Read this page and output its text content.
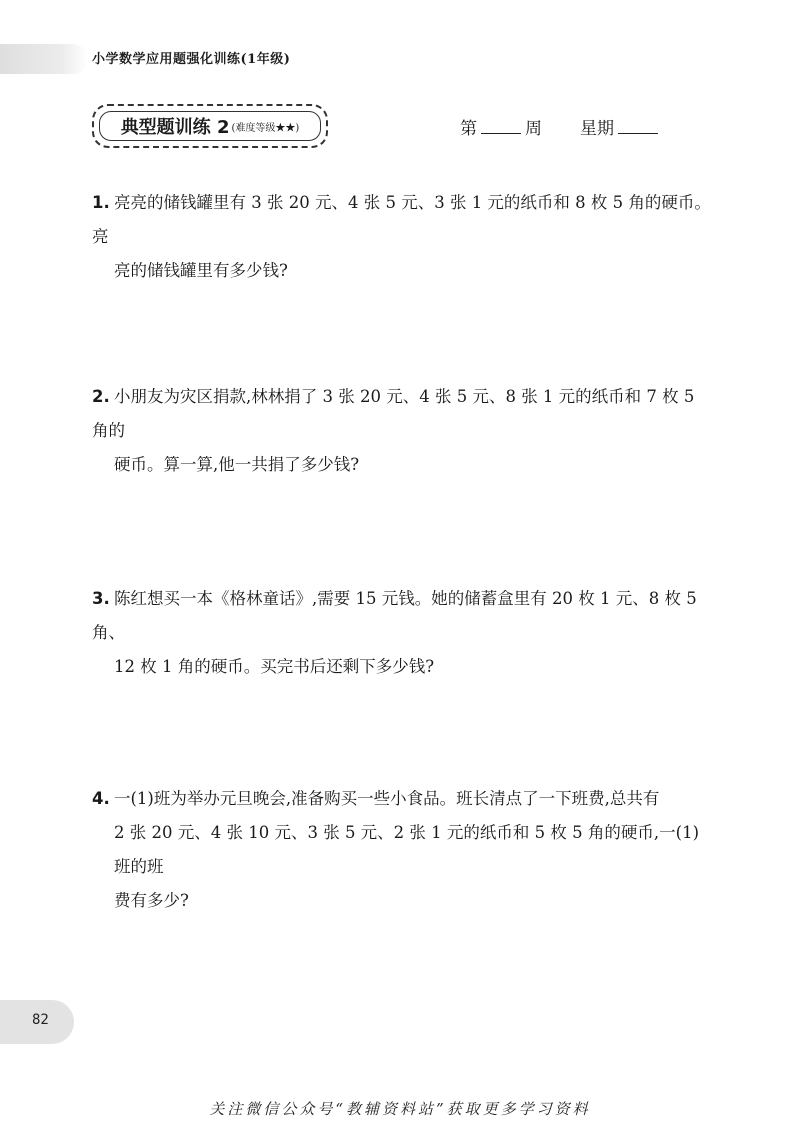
小学数学应用题强化训练(1年级)
典型题训练 2 (难度等级★★)	第	周 星期
1. 亮亮的储钱罐里有 3 张 20 元、4 张 5 元、3 张 1 元的纸币和 8 枚 5 角的硬币。亮
亮的储钱罐里有多少钱?
2. 小朋友为灾区捐款,林林捐了 3 张 20 元、4 张 5 元、8 张 1 元的纸币和 7 枚 5 角的
硬币。算一算,他一共捐了多少钱?
3. 陈红想买一本《格林童话》,需要 15 元钱。她的储蓄盒里有 20 枚 1 元、8 枚 5 角、
12 枚 1 角的硬币。买完书后还剩下多少钱?
4. 一(1)班为举办元旦晚会,准备购买一些小食品。班长清点了一下班费,总共有
2 张 20 元、4 张 10 元、3 张 5 元、2 张 1 元的纸币和 5 枚 5 角的硬币,一(1)班的班
费有多少?
82
关注微信公众号“教辅资料站”获取更多学习资料
